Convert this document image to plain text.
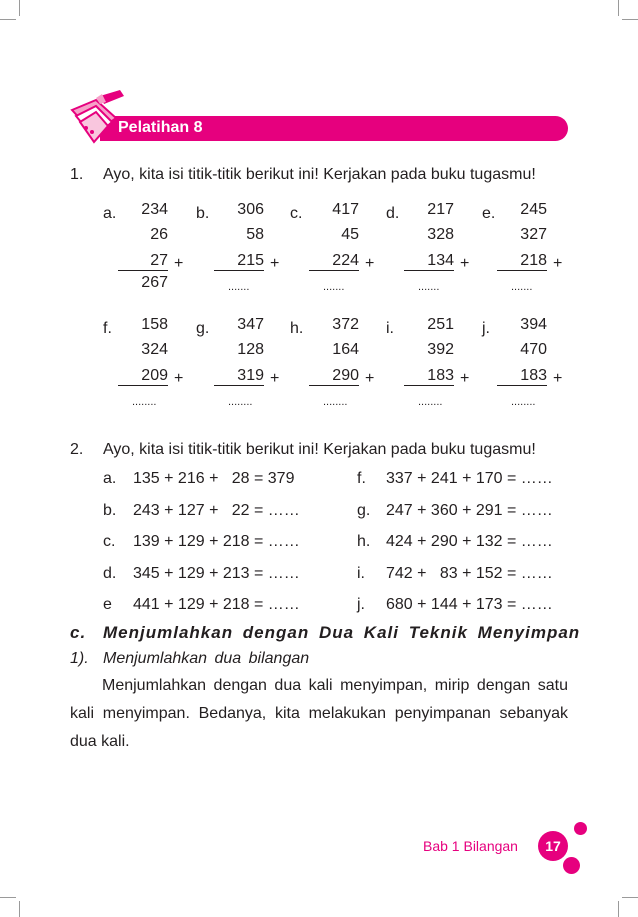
Pelatihan 8
1. Ayo, kita isi titik-titik berikut ini! Kerjakan pada buku tugasmu!
a.	234
26
27 +
267
b.	306
58
215 +
.......
c.	417
45
224 +
.......
d.	217
328
134 +
.......
e.	245
327
218 +
.......
f.	158
324
209 +
........
g.	347
128
319 +
........
h.	372
164
290 +
........
i.	251
392
183 +
........
j.	394
470
183 +
........
2. Ayo, kita isi titik-titik berikut ini! Kerjakan pada buku tugasmu!
a. 135 + 216 +   28 = 379
b. 243 + 127 +   22 = ……
c. 139 + 129 + 218 = ……
d. 345 + 129 + 213 = ……
e 441 + 129 + 218 = ……
f. 337 + 241 + 170 = ……
g. 247 + 360 + 291 = ……
h. 424 + 290 + 132 = ……
i. 742 +   83 + 152 = ……
j. 680 + 144 + 173 = ……
c. Menjumlahkan dengan Dua Kali Teknik Menyimpan
1). Menjumlahkan dua bilangan
Menjumlahkan dengan dua kali menyimpan, mirip dengan satu kali menyimpan. Bedanya, kita melakukan penyimpanan sebanyak dua kali.
Bab 1 Bilangan	17
